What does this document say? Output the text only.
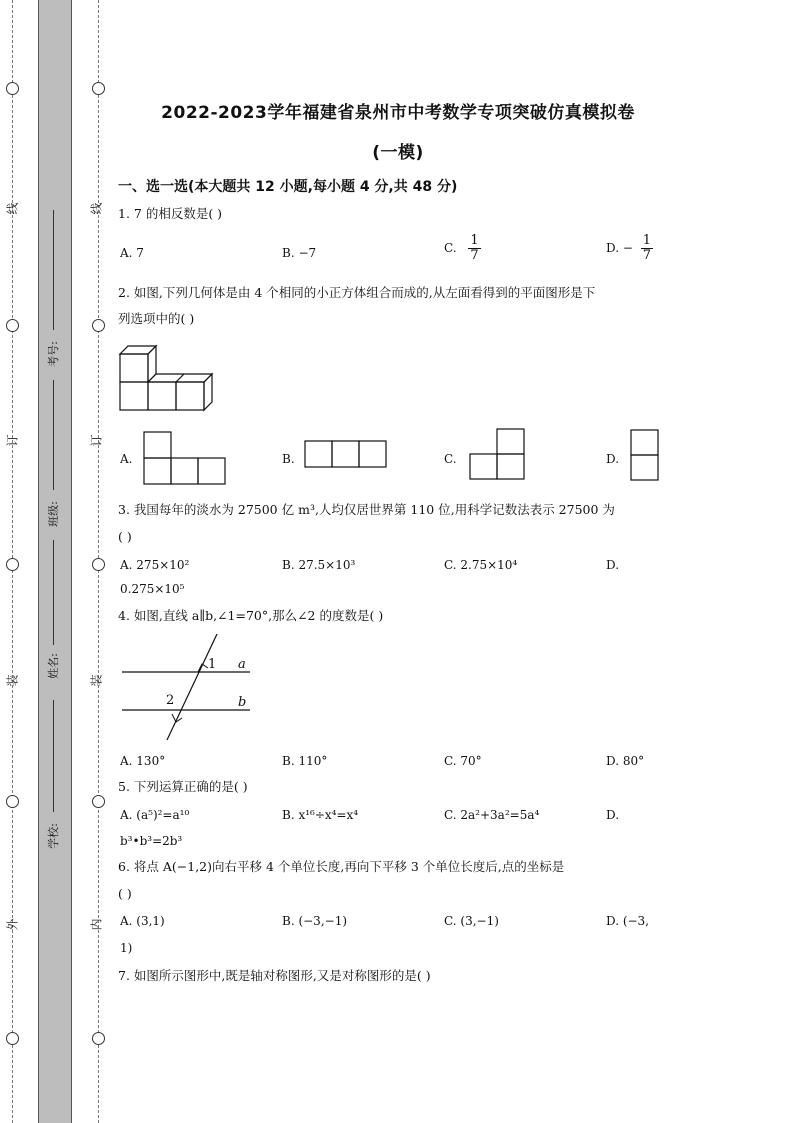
线
订
装
外
线
订
装
内
考号:
班级:
姓名:
学校:
2022-2023学年福建省泉州市中考数学专项突破仿真模拟卷
(一模)
一、选一选(本大题共 12 小题,每小题 4 分,共 48 分)
1. 7 的相反数是( )
A. 7	B. −7	C. $\frac{1}{7}$	D. − $\frac{1}{7}$
2. 如图,下列几何体是由 4 个相同的小正方体组合而成的,从左面看得到的平面图形是下
列选项中的( )
A.	B.	C.	D.
3. 我国每年的淡水为 27500 亿 m³,人均仅居世界第 110 位,用科学记数法表示 27500 为
( )
A. 275×10²	B. 27.5×10³	C. 2.75×10⁴	D.
0.275×10⁵
4. 如图,直线 a∥b,∠1=70°,那么∠2 的度数是( )
1
2
a
b
A. 130°	B. 110°	C. 70°	D. 80°
5. 下列运算正确的是( )
A. (a⁵)²=a¹⁰	B. x¹⁶÷x⁴=x⁴	C. 2a²+3a²=5a⁴	D.
b³•b³=2b³
6. 将点 A(−1,2)向右平移 4 个单位长度,再向下平移 3 个单位长度后,点的坐标是
( )
A. (3,1)	B. (−3,−1)	C. (3,−1)	D. (−3,
1)
7. 如图所示图形中,既是轴对称图形,又是对称图形的是( )
